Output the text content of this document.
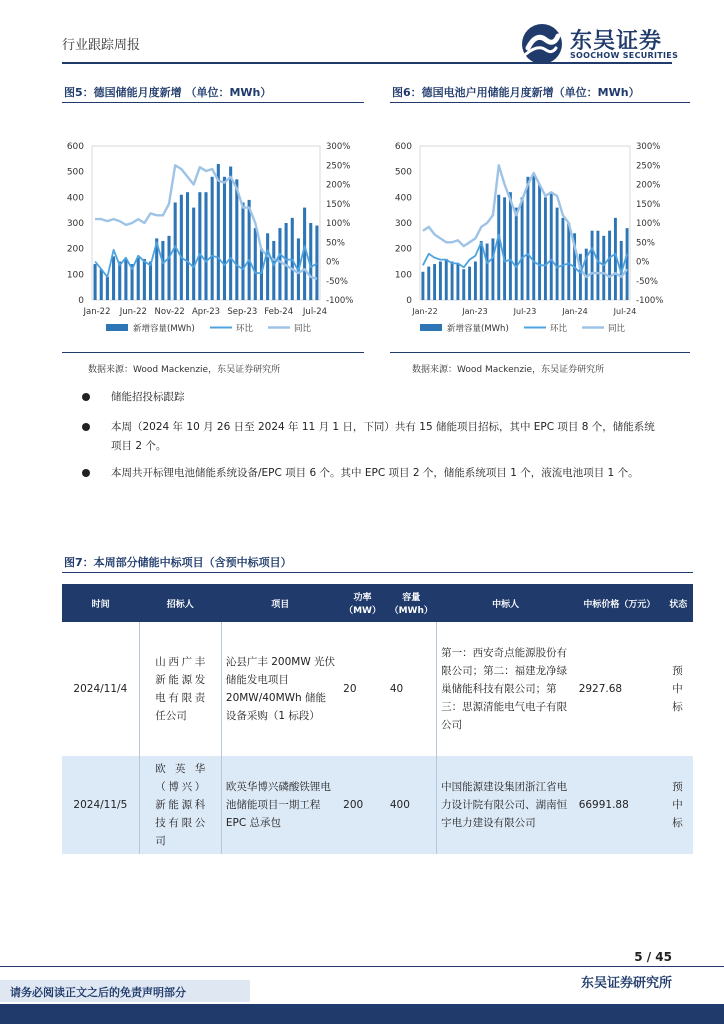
行业跟踪周报	东吴证券
SOOCHOW SECURITIES
图5：德国储能月度新增 （单位：MWh）	图6：德国电池户用储能月度新增（单位：MWh）
0
100
200
300
400
500
600	300%
250%
200%
150%
100%
50%
0%
-50%
-100%
Jan-22 Jun-22 Nov-22 Apr-23 Sep-23 Feb-24 Jul-24
新增容量(MWh)	环比	同比
0
100
200
300
400
500
600	300%
250%
200%
150%
100%
50%
0%
-50%
-100%
Jan-22	Jan-23	Jul-23	Jan-24	Jul-24
新增容量(MWh)	环比	同比
数据来源：Wood Mackenzie，东吴证券研究所	数据来源：Wood Mackenzie，东吴证券研究所
储能招投标跟踪
本周（2024 年 10 月 26 日至 2024 年 11 月 1 日，下同）共有 15 储能项目招标，其中 EPC 项目 8 个，储能系统项目 2 个。
本周共开标锂电池储能系统设备/EPC 项目 6 个。其中 EPC 项目 2 个，储能系统项目 1 个，液流电池项目 1 个。
图7：本周部分储能中标项目（含预中标项目）
时间	招标人	项目	功率（MW）	容量（MWh）	中标人	中标价格（万元）	状态
2024/11/4	山西广丰新能源发电有限责任公司	沁县广丰 200MW 光伏储能发电项目 20MW/40MWh 储能设备采购（1 标段）	20	40	第一：西安奇点能源股份有限公司；第二：福建龙净绿巢储能科技有限公司；第三：思源清能电气电子有限公司	2927.68	预中标
2024/11/5	欧英华（博兴）新能源科技有限公司	欧英华博兴磷酸铁锂电池储能项目一期工程 EPC 总承包	200	400	中国能源建设集团浙江省电力设计院有限公司、湖南恒宇电力建设有限公司	66991.88	预中标
5 / 45
请务必阅读正文之后的免责声明部分
东吴证券研究所
